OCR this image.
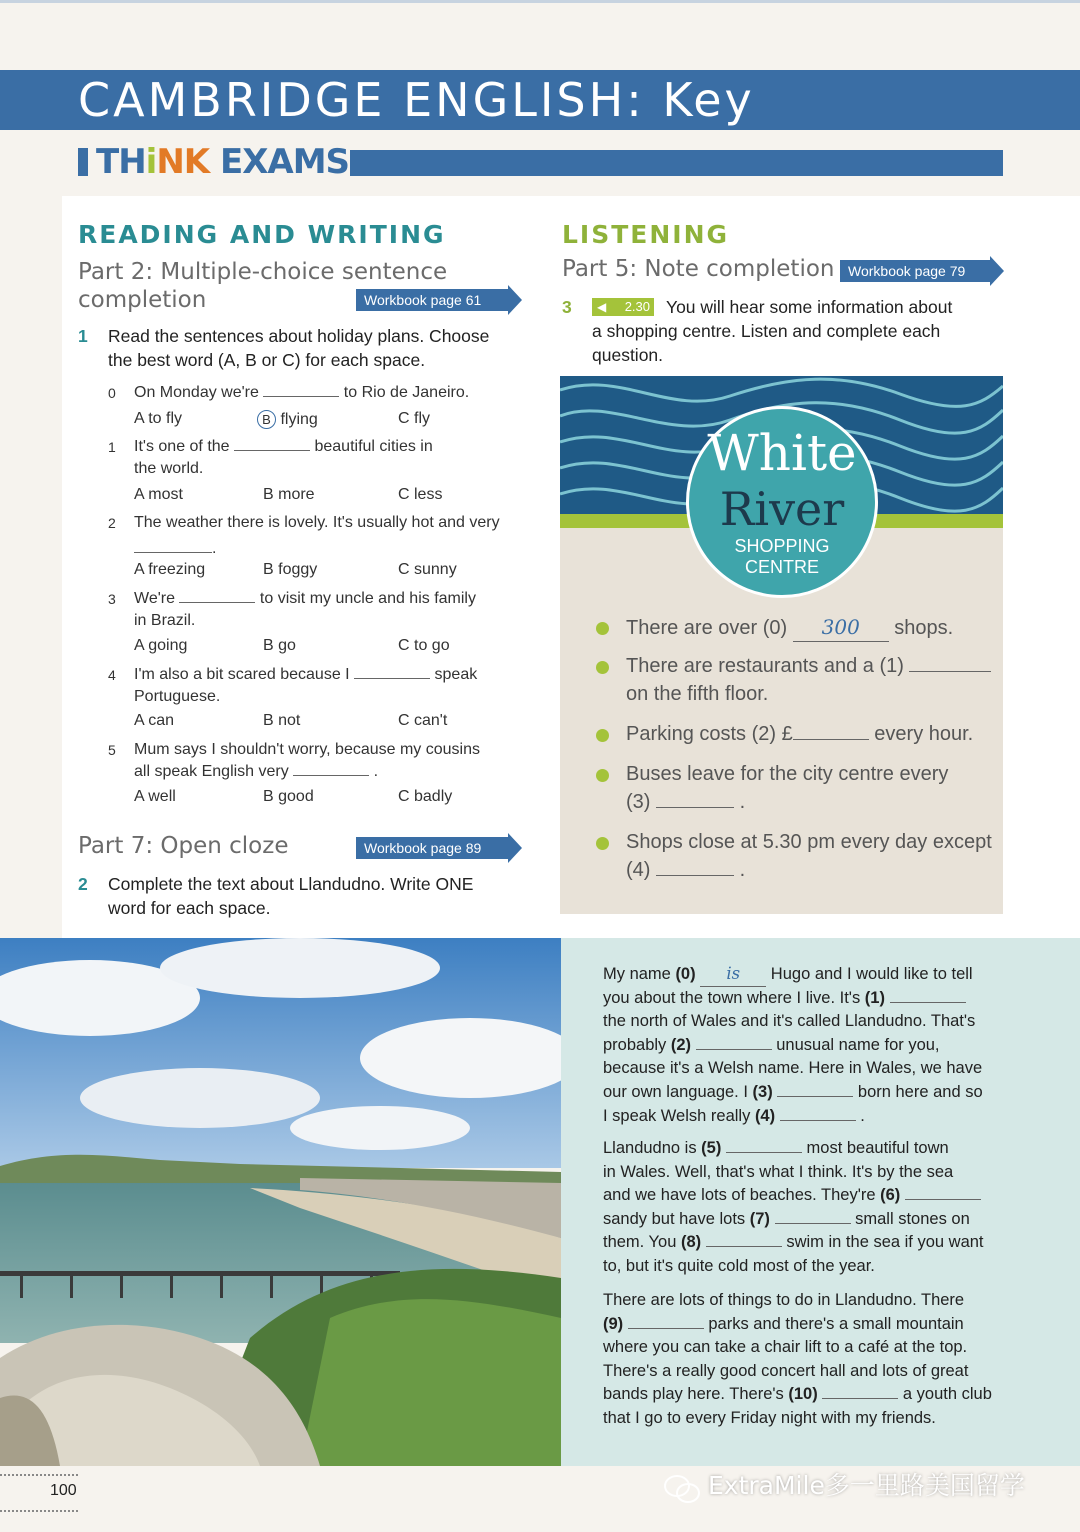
CAMBRIDGE ENGLISH: Key
THiNK EXAMS
READING AND WRITING
Part 2: Multiple-choice sentence
completion	Workbook page 61
1 Read the sentences about holiday plans. Choose
the best word (A, B or C) for each space.
0	On Monday we're	to Rio de Janeiro.
A to fly	B flying	C fly
1	It's one of the	beautiful cities in
the world.
A most	B more	C less
2	The weather there is lovely. It's usually hot and very
.
A freezing	B foggy	C sunny
3	We're	to visit my uncle and his family
in Brazil.
A going	B go	C to go
4	I'm also a bit scared because I	speak
Portuguese.
A can	B not	C can't
5	Mum says I shouldn't worry, because my cousins
all speak English very	.
A well	B good	C badly
Part 7: Open cloze	Workbook page 89
2 Complete the text about Llandudno. Write ONE
word for each space.
LISTENING
Part 5: Note completion Workbook page 79
3 ◀ 2.30 You will hear some information about
a shopping centre. Listen and complete each
question.
White
River
SHOPPING
CENTRE
There are over (0) 300 shops.
There are restaurants and a (1)
on the fifth floor.
Parking costs (2) £	every hour.
Buses leave for the city centre every
(3)	.
Shops close at 5.30 pm every day except
(4)	.
My name (0) is Hugo and I would like to tell
you about the town where I live. It's (1)
the north of Wales and it's called Llandudno. That's
probably (2)	unusual name for you,
because it's a Welsh name. Here in Wales, we have
our own language. I (3)	born here and so
I speak Welsh really (4)	.
Llandudno is (5)	most beautiful town
in Wales. Well, that's what I think. It's by the sea
and we have lots of beaches. They're (6)
sandy but have lots (7)	small stones on
them. You (8)	swim in the sea if you want
to, but it's quite cold most of the year.
There are lots of things to do in Llandudno. There
(9)	parks and there's a small mountain
where you can take a chair lift to a café at the top.
There's a really good concert hall and lots of great
bands play here. There's (10)	a youth club
that I go to every Friday night with my friends.
100	ExtraMile多一里路美国留学
